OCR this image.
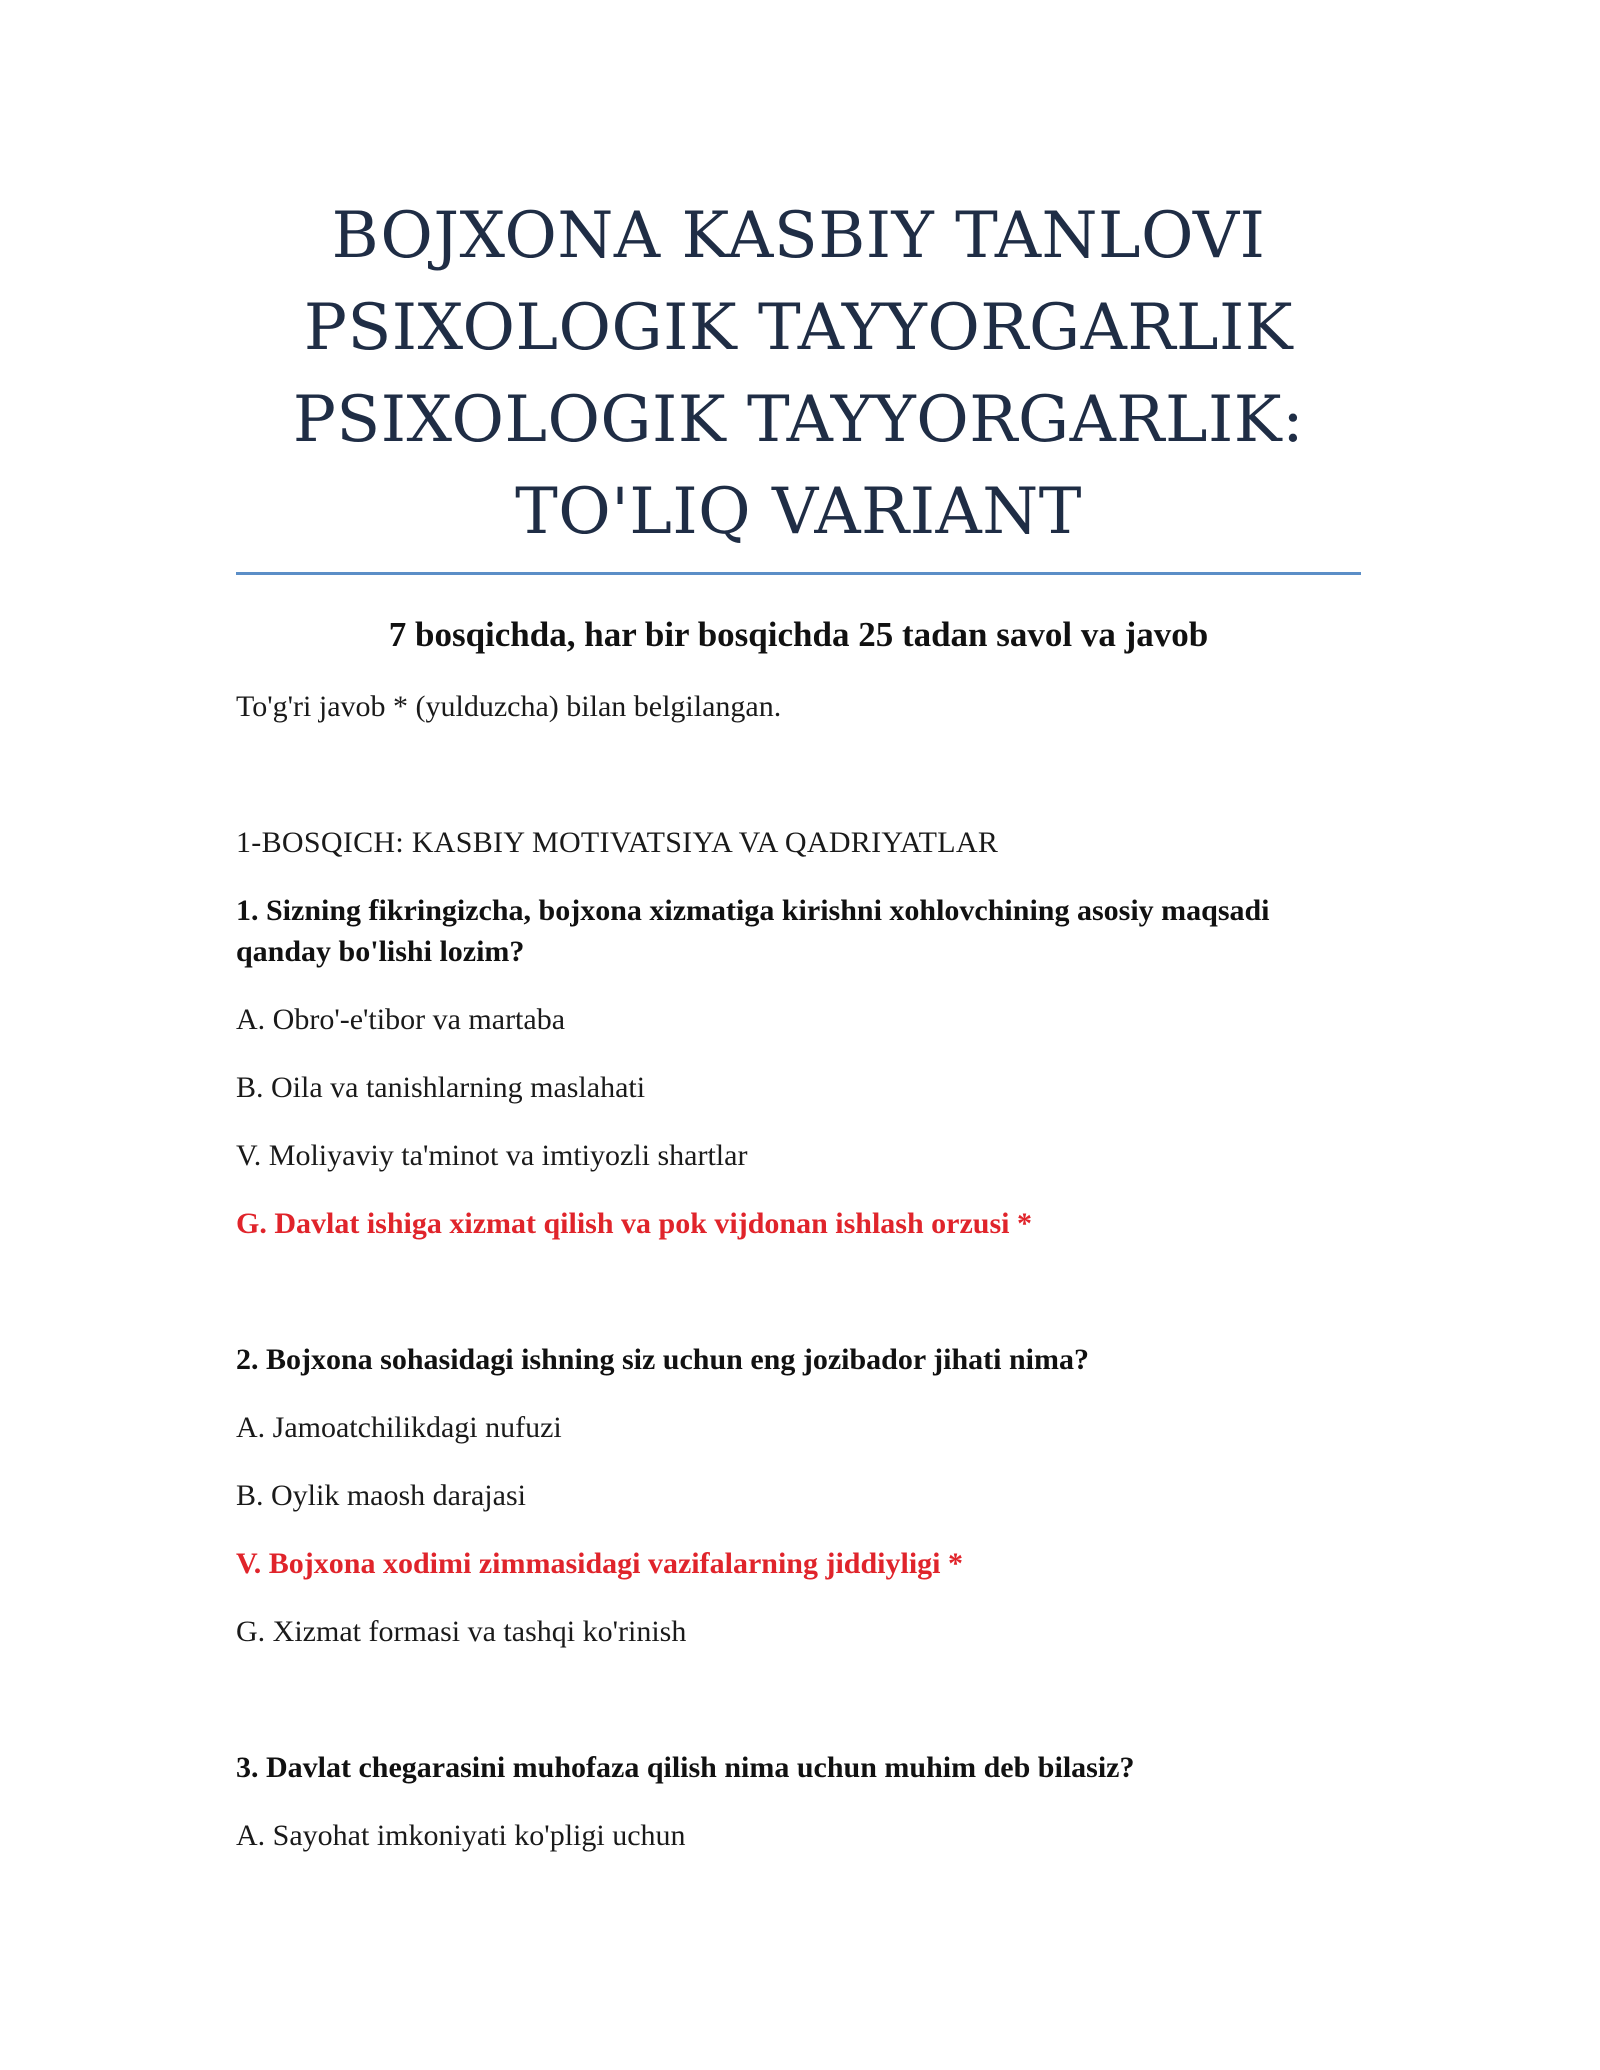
BOJXONA KASBIY TANLOVI
PSIXOLOGIK TAYYORGARLIK
PSIXOLOGIK TAYYORGARLIK:
TO'LIQ VARIANT

7 bosqichda, har bir bosqichda 25 tadan savol va javob

To'g'ri javob * (yulduzcha) bilan belgilangan.

1-BOSQICH: KASBIY MOTIVATSIYA VA QADRIYATLAR

1. Sizning fikringizcha, bojxona xizmatiga kirishni xohlovchining asosiy maqsadi qanday bo'lishi lozim?

A. Obro'-e'tibor va martaba

B. Oila va tanishlarning maslahati

V. Moliyaviy ta'minot va imtiyozli shartlar

G. Davlat ishiga xizmat qilish va pok vijdonan ishlash orzusi *

2. Bojxona sohasidagi ishning siz uchun eng jozibador jihati nima?

A. Jamoatchilikdagi nufuzi

B. Oylik maosh darajasi

V. Bojxona xodimi zimmasidagi vazifalarning jiddiyligi *

G. Xizmat formasi va tashqi ko'rinish

3. Davlat chegarasini muhofaza qilish nima uchun muhim deb bilasiz?

A. Sayohat imkoniyati ko'pligi uchun
